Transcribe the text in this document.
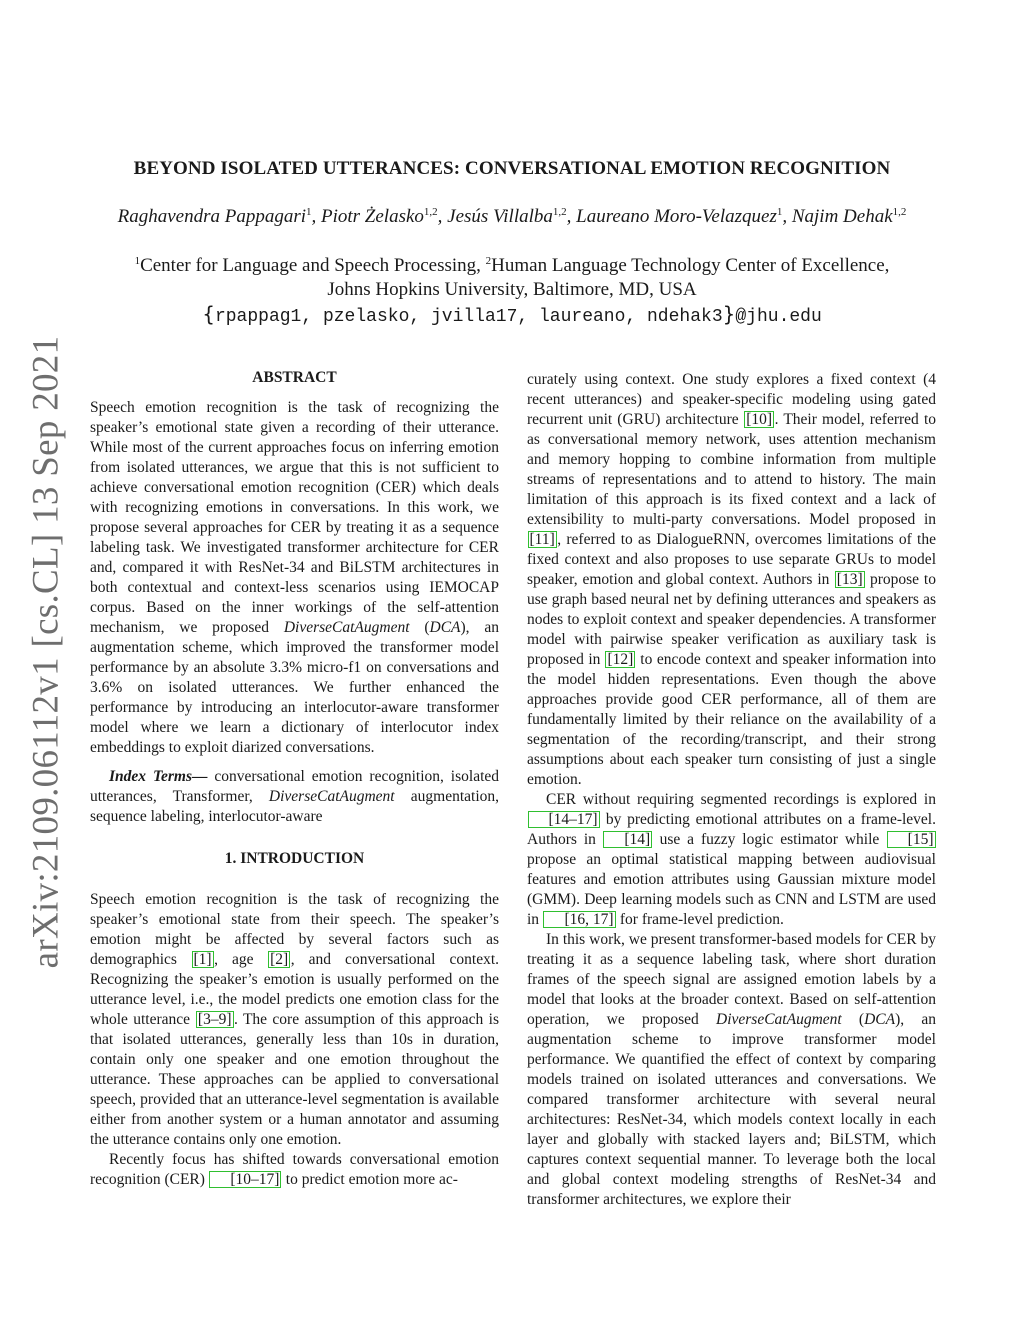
arXiv:2109.06112v1 [cs.CL] 13 Sep 2021
BEYOND ISOLATED UTTERANCES: CONVERSATIONAL EMOTION RECOGNITION
Raghavendra Pappagari$^1$, Piotr Żelasko$^{1,2}$, Jesús Villalba$^{1,2}$, Laureano Moro-Velazquez$^1$, Najim Dehak$^{1,2}$
$^1$Center for Language and Speech Processing, $^2$Human Language Technology Center of Excellence,
Johns Hopkins University, Baltimore, MD, USA
{rpappag1, pzelasko, jvilla17, laureano, ndehak3}@jhu.edu
ABSTRACT
Speech emotion recognition is the task of recognizing the speaker’s emotional state given a recording of their utterance. While most of the current approaches focus on inferring emotion from isolated utterances, we argue that this is not sufficient to achieve conversational emotion recognition (CER) which deals with recognizing emotions in conversations. In this work, we propose several approaches for CER by treating it as a sequence labeling task. We investigated transformer architecture for CER and, compared it with ResNet-34 and BiLSTM architectures in both contextual and context-less scenarios using IEMOCAP corpus. Based on the inner workings of the self-attention mechanism, we proposed DiverseCatAugment (DCA), an augmentation scheme, which improved the transformer model performance by an absolute 3.3% micro-f1 on conversations and 3.6% on isolated utterances. We further enhanced the performance by introducing an interlocutor-aware transformer model where we learn a dictionary of interlocutor index embeddings to exploit diarized conversations.
Index Terms— conversational emotion recognition, isolated utterances, Transformer, DiverseCatAugment augmentation, sequence labeling, interlocutor-aware
1. INTRODUCTION
Speech emotion recognition is the task of recognizing the speaker’s emotional state from their speech. The speaker’s emotion might be affected by several factors such as demographics [1] , age [2] , and conversational context. Recognizing the speaker’s emotion is usually performed on the utterance level, i.e., the model predicts one emotion class for the whole utterance [3–9] . The core assumption of this approach is that isolated utterances, generally less than 10s in duration, contain only one speaker and one emotion throughout the utterance. These approaches can be applied to conversational speech, provided that an utterance-level segmentation is available either from another system or a human annotator and assuming the utterance contains only one emotion.
Recently focus has shifted towards conversational emotion recognition (CER) [10–17] to predict emotion more ac-
curately using context. One study explores a fixed context (4 recent utterances) and speaker-specific modeling using gated recurrent unit (GRU) architecture [10] . Their model, referred to as conversational memory network, uses attention mechanism and memory hopping to combine information from multiple streams of representations and to attend to history. The main limitation of this approach is its fixed context and a lack of extensibility to multi-party conversations. Model proposed in [11] , referred to as DialogueRNN, overcomes limitations of the fixed context and also proposes to use separate GRUs to model speaker, emotion and global context. Authors in [13] propose to use graph based neural net by defining utterances and speakers as nodes to exploit context and speaker dependencies. A transformer model with pairwise speaker verification as auxiliary task is proposed in [12] to encode context and speaker information into the model hidden representations. Even though the above approaches provide good CER performance, all of them are fundamentally limited by their reliance on the availability of a segmentation of the recording/transcript, and their strong assumptions about each speaker turn consisting of just a single emotion.
CER without requiring segmented recordings is explored in [14–17] by predicting emotional attributes on a frame-level. Authors in [14] use a fuzzy logic estimator while [15] propose an optimal statistical mapping between audiovisual features and emotion attributes using Gaussian mixture model (GMM). Deep learning models such as CNN and LSTM are used in [16, 17] for frame-level prediction.
In this work, we present transformer-based models for CER by treating it as a sequence labeling task, where short duration frames of the speech signal are assigned emotion labels by a model that looks at the broader context. Based on self-attention operation, we proposed DiverseCatAugment (DCA), an augmentation scheme to improve transformer model performance. We quantified the effect of context by comparing models trained on isolated utterances and conversations. We compared transformer architecture with several neural architectures: ResNet-34, which models context locally in each layer and globally with stacked layers and; BiLSTM, which captures context sequential manner. To leverage both the local and global context modeling strengths of ResNet-34 and transformer architectures, we explore their
